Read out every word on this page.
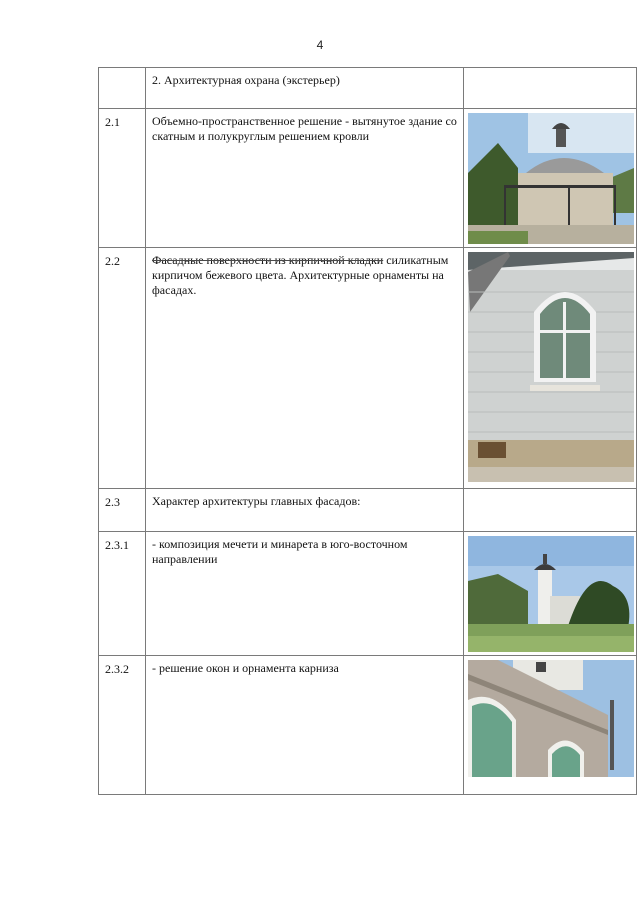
4
	2. Архитектурная охрана (экстерьер)	
2.1	Объемно-пространственное решение - вытянутое здание со скатным и полукруглым решением кровли	

2.2	Фасадные поверхности из кирпичной кладки силикатным кирпичом бежевого цвета. Архитектурные орнаменты на фасадах.	

2.3	Характер архитектуры главных фасадов:	
2.3.1	- композиция мечети и минарета в юго-восточном направлении	

2.3.2	- решение окон и орнамента карниза	
